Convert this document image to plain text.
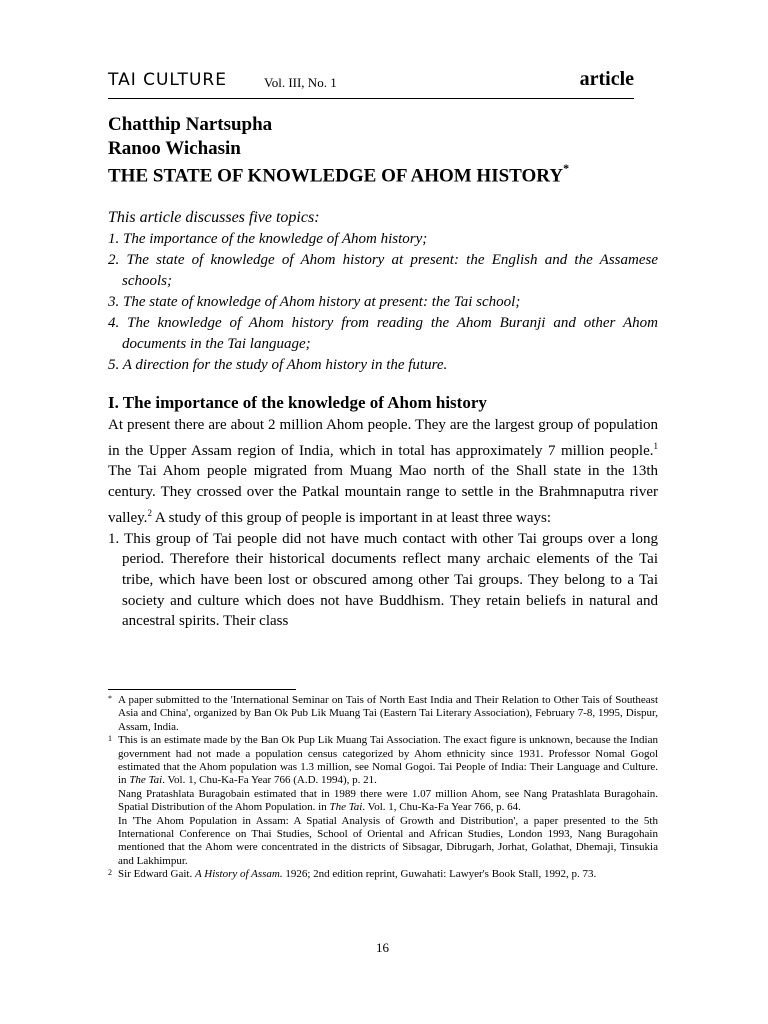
TAI CULTURE	Vol. III, No. 1	article
Chatthip Nartsupha
Ranoo Wichasin
THE STATE OF KNOWLEDGE OF AHOM HISTORY*
This article discusses five topics:
1. The importance of the knowledge of Ahom history;
2. The state of knowledge of Ahom history at present: the English and the Assamese schools;
3. The state of knowledge of Ahom history at present: the Tai school;
4. The knowledge of Ahom history from reading the Ahom Buranji and other Ahom documents in the Tai language;
5. A direction for the study of Ahom history in the future.
I. The importance of the knowledge of Ahom history

At present there are about 2 million Ahom people. They are the largest group of population in the Upper Assam region of India, which in total has approximately 7 million people.$^1$ The Tai Ahom people migrated from Muang Mao north of the Shall state in the 13th century. They crossed over the Patkal mountain range to settle in the Brahmnaputra river valley.$^2$ A study of this group of people is important in at least three ways:

1. This group of Tai people did not have much contact with other Tai groups over a long period. Therefore their historical documents reflect many archaic elements of the Tai tribe, which have been lost or obscured among other Tai groups. They belong to a Tai society and culture which does not have Buddhism. They retain beliefs in natural and ancestral spirits. Their class

* A paper submitted to the 'International Seminar on Tais of North East India and Their Relation to Other Tais of Southeast Asia and China', organized by Ban Ok Pub Lik Muang Tai (Eastern Tai Literary Association), February 7-8, 1995, Dispur, Assam, India.

1 This is an estimate made by the Ban Ok Pup Lik Muang Tai Association. The exact figure is unknown, because the Indian government had not made a population census categorized by Ahom ethnicity since 1931. Professor Nomal Gogol estimated that the Ahom population was 1.3 million, see Nomal Gogoi. Tai People of India: Their Language and Culture. in The Tai. Vol. 1, Chu-Ka-Fa Year 766 (A.D. 1994), p. 21.

Nang Pratashlata Buragobain estimated that in 1989 there were 1.07 million Ahom, see Nang Pratashlata Buragohain. Spatial Distribution of the Ahom Population. in The Tai. Vol. 1, Chu-Ka-Fa Year 766, p. 64.

In 'The Ahom Population in Assam: A Spatial Analysis of Growth and Distribution', a paper presented to the 5th International Conference on Thai Studies, School of Oriental and African Studies, London 1993, Nang Buragohain mentioned that the Ahom were concentrated in the districts of Sibsagar, Dibrugarh, Jorhat, Golathat, Dhemaji, Tinsukia and Lakhimpur.

2 Sir Edward Gait. A History of Assam. 1926; 2nd edition reprint, Guwahati: Lawyer's Book Stall, 1992, p. 73.

16
